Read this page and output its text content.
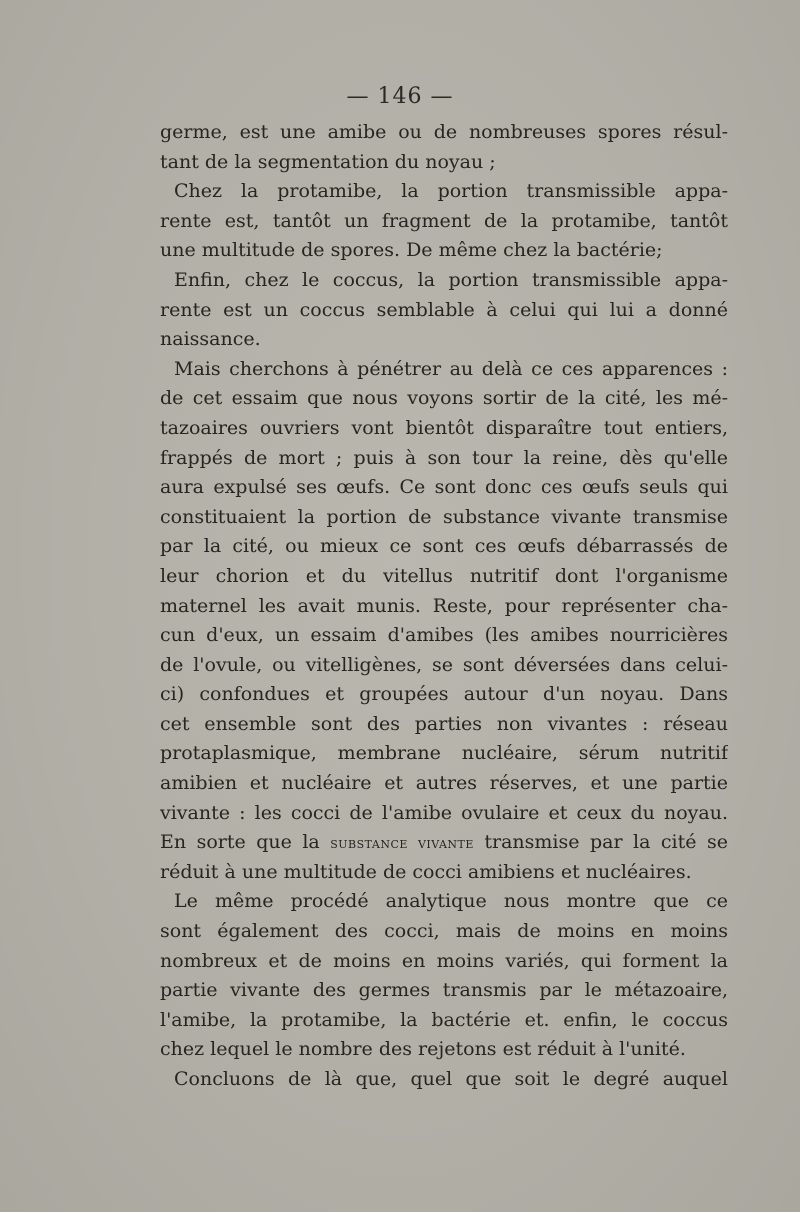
— 146 —
germe, est une amibe ou de nombreuses spores résul-
tant de la segmentation du noyau ;
Chez la protamibe, la portion transmissible appa-
rente est, tantôt un fragment de la protamibe, tantôt
une multitude de spores. De même chez la bactérie;
Enfin, chez le coccus, la portion transmissible appa-
rente est un coccus semblable à celui qui lui a donné
naissance.
Mais cherchons à pénétrer au delà ce ces apparences :
de cet essaim que nous voyons sortir de la cité, les mé-
tazoaires ouvriers vont bientôt disparaître tout entiers,
frappés de mort ; puis à son tour la reine, dès qu'elle
aura expulsé ses œufs. Ce sont donc ces œufs seuls qui
constituaient la portion de substance vivante transmise
par la cité, ou mieux ce sont ces œufs débarrassés de
leur chorion et du vitellus nutritif dont l'organisme
maternel les avait munis. Reste, pour représenter cha-
cun d'eux, un essaim d'amibes (les amibes nourricières
de l'ovule, ou vitelligènes, se sont déversées dans celui-
ci) confondues et groupées autour d'un noyau. Dans
cet ensemble sont des parties non vivantes : réseau
protaplasmique, membrane nucléaire, sérum nutritif
amibien et nucléaire et autres réserves, et une partie
vivante : les cocci de l'amibe ovulaire et ceux du noyau.
En sorte que la substance vivante transmise par la cité se
réduit à une multitude de cocci amibiens et nucléaires.
Le même procédé analytique nous montre que ce
sont également des cocci, mais de moins en moins
nombreux et de moins en moins variés, qui forment la
partie vivante des germes transmis par le métazoaire,
l'amibe, la protamibe, la bactérie et. enfin, le coccus
chez lequel le nombre des rejetons est réduit à l'unité.
Concluons de là que, quel que soit le degré auquel
